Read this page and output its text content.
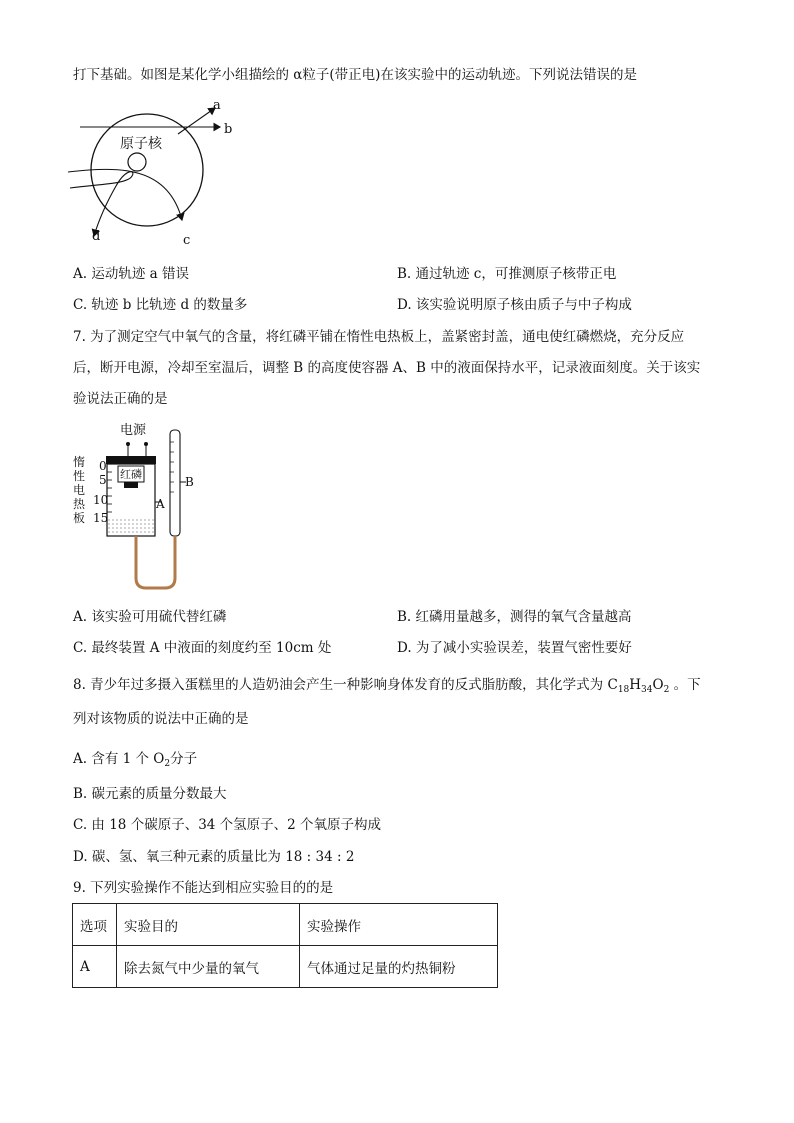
打下基础。如图是某化学小组描绘的 α粒子(带正电)在该实验中的运动轨迹。下列说法错误的是
原子核
b
a
c
d
A. 运动轨迹 a 错误	B. 通过轨迹 c，可推测原子核带正电
C. 轨迹 b 比轨迹 d 的数量多	D. 该实验说明原子核由质子与中子构成
7. 为了测定空气中氧气的含量，将红磷平铺在惰性电热板上，盖紧密封盖，通电使红磷燃烧，充分反应
后，断开电源，冷却至室温后，调整 B 的高度使容器 A、B 中的液面保持水平，记录液面刻度。关于该实
验说法正确的是
电源
惰
性
电
热
板
0
5
10
15
红磷
A
B
A. 该实验可用硫代替红磷	B. 红磷用量越多，测得的氧气含量越高
C. 最终装置 A 中液面的刻度约至 10cm 处	D. 为了减小实验误差，装置气密性要好
8. 青少年过多摄入蛋糕里的人造奶油会产生一种影响身体发育的反式脂肪酸，其化学式为 $C_{18}H_{34}O_2$ 。下
列对该物质的说法中正确的是
A. 含有 1 个 $O_2$分子
B. 碳元素的质量分数最大
C. 由 18 个碳原子、34 个氢原子、2 个氧原子构成
D. 碳、氢、氧三种元素的质量比为 18 : 34 : 2
9. 下列实验操作不能达到相应实验目的的是
选项	实验目的	实验操作
A	除去氮气中少量的氧气	气体通过足量的灼热铜粉
